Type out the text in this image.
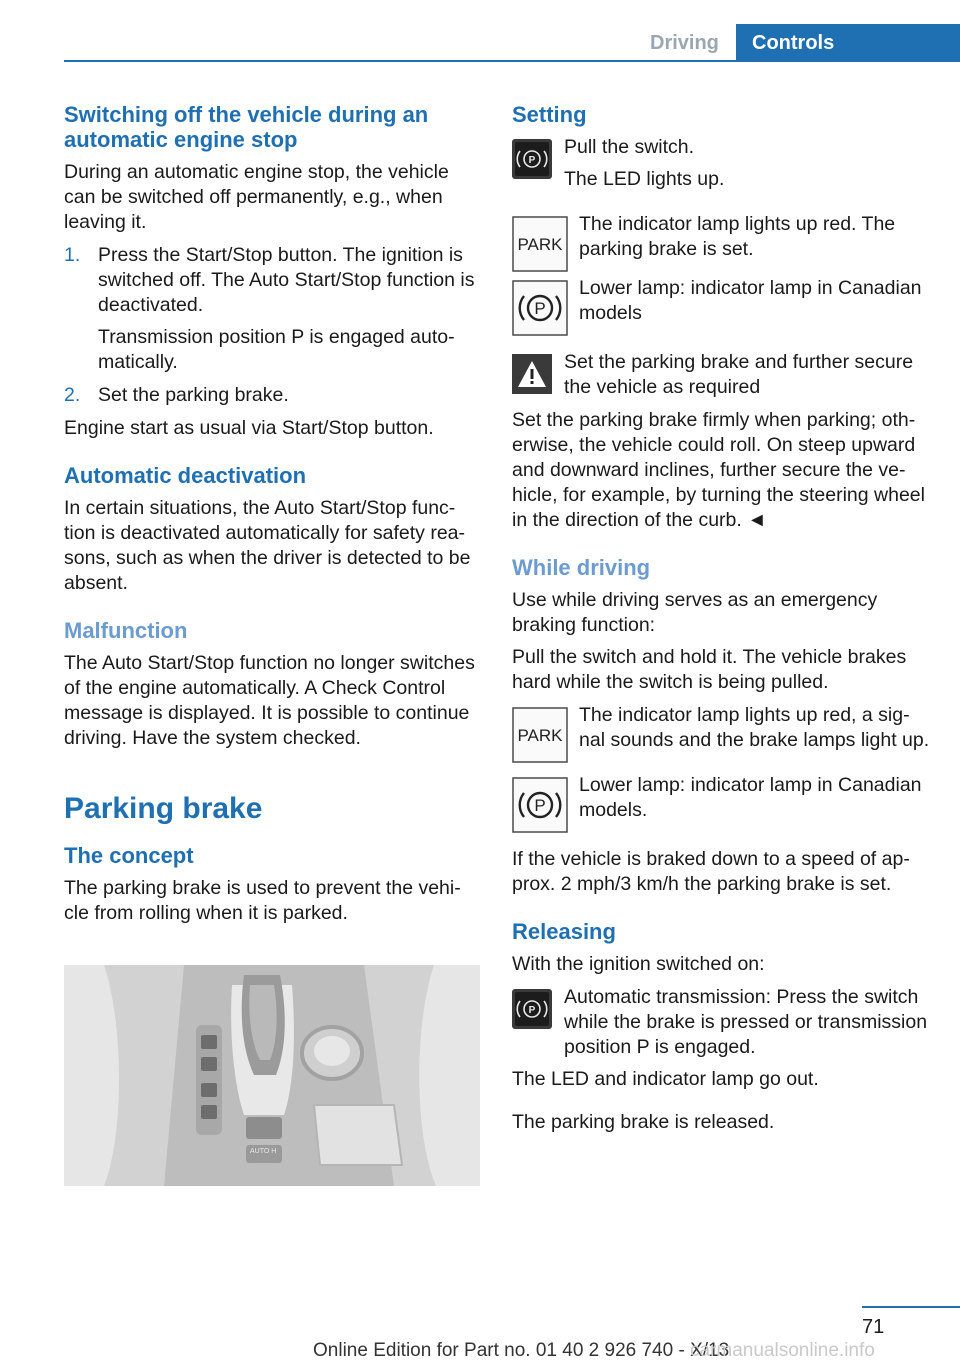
Driving	Controls
Switching off the vehicle during an automatic engine stop

During an automatic engine stop, the vehicle can be switched off permanently, e.g., when leaving it.

1. Press the Start/Stop button. The ignition is switched off. The Auto Start/Stop function is deactivated.
Transmission position P is engaged auto‐matically.
2. Set the parking brake.

Engine start as usual via Start/Stop button.

Automatic deactivation

In certain situations, the Auto Start/Stop func‐tion is deactivated automatically for safety rea‐sons, such as when the driver is detected to be absent.

Malfunction

The Auto Start/Stop function no longer switches of the engine automatically. A Check Control message is displayed. It is possible to continue driving. Have the system checked.

Parking brake
The concept

The parking brake is used to prevent the vehi‐cle from rolling when it is parked.

AUTO H
Setting
P

Pull the switch.

The LED lights up.

PARK

The indicator lamp lights up red. The parking brake is set.

P

Lower lamp: indicator lamp in Canadian models

Set the parking brake and further secure the vehicle as required

Set the parking brake firmly when parking; oth‐erwise, the vehicle could roll. On steep upward and downward inclines, further secure the ve‐hicle, for example, by turning the steering wheel in the direction of the curb. ◄

While driving

Use while driving serves as an emergency braking function:

Pull the switch and hold it. The vehicle brakes hard while the switch is being pulled.

PARK

The indicator lamp lights up red, a sig‐nal sounds and the brake lamps light up.

P

Lower lamp: indicator lamp in Canadian models.

If the vehicle is braked down to a speed of ap‐prox. 2 mph/3 km/h the parking brake is set.

Releasing

With the ignition switched on:

P

Automatic transmission: Press the switch while the brake is pressed or transmission position P is engaged.

The LED and indicator lamp go out.

The parking brake is released.

71
Online Edition for Part no. 01 40 2 926 740 - X/13
carmanualsonline.info
